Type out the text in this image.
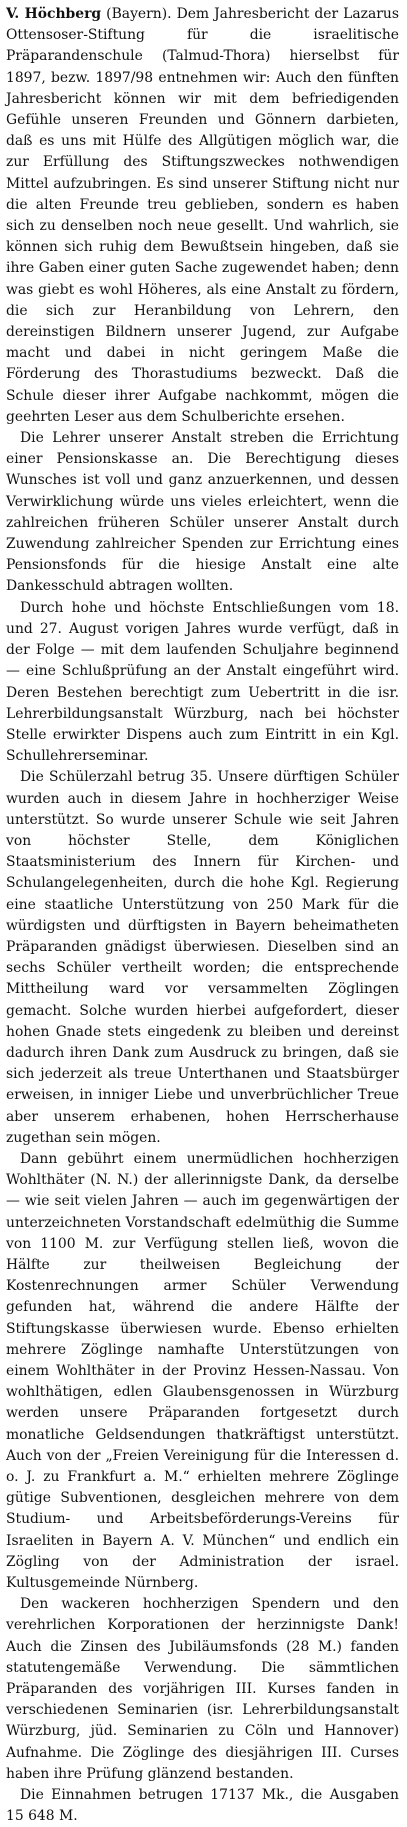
V. Höchberg (Bayern). Dem Jahresbericht der Lazarus Ottensoser-Stiftung für die israelitische Präparandenschule (Talmud-Thora) hierselbst für 1897, bezw. 1897/98 entnehmen wir: Auch den fünften Jahresbericht können wir mit dem befriedigenden Gefühle unseren Freunden und Gönnern darbieten, daß es uns mit Hülfe des Allgütigen möglich war, die zur Erfüllung des Stiftungszweckes nothwendigen Mittel aufzubringen. Es sind unserer Stiftung nicht nur die alten Freunde treu geblieben, sondern es haben sich zu denselben noch neue gesellt. Und wahrlich, sie können sich ruhig dem Bewußtsein hingeben, daß sie ihre Gaben einer guten Sache zugewendet haben; denn was giebt es wohl Höheres, als eine Anstalt zu fördern, die sich zur Heranbildung von Lehrern, den dereinstigen Bildnern unserer Jugend, zur Aufgabe macht und dabei in nicht geringem Maße die Förderung des Thorastudiums bezweckt. Daß die Schule dieser ihrer Aufgabe nachkommt, mögen die geehrten Leser aus dem Schulberichte ersehen.

Die Lehrer unserer Anstalt streben die Errichtung einer Pensionskasse an. Die Berechtigung dieses Wunsches ist voll und ganz anzuerkennen, und dessen Verwirklichung würde uns vieles erleichtert, wenn die zahlreichen früheren Schüler unserer Anstalt durch Zuwendung zahlreicher Spenden zur Errichtung eines Pensionsfonds für die hiesige Anstalt eine alte Dankesschuld abtragen wollten.

Durch hohe und höchste Entschließungen vom 18. und 27. August vorigen Jahres wurde verfügt, daß in der Folge — mit dem laufenden Schuljahre beginnend — eine Schlußprüfung an der Anstalt eingeführt wird. Deren Bestehen berechtigt zum Uebertritt in die isr. Lehrerbildungsanstalt Würzburg, nach bei höchster Stelle erwirkter Dispens auch zum Eintritt in ein Kgl. Schullehrerseminar.

Die Schülerzahl betrug 35. Unsere dürftigen Schüler wurden auch in diesem Jahre in hochherziger Weise unterstützt. So wurde unserer Schule wie seit Jahren von höchster Stelle, dem Königlichen Staatsministerium des Innern für Kirchen- und Schulangelegenheiten, durch die hohe Kgl. Regierung eine staatliche Unterstützung von 250 Mark für die würdigsten und dürftigsten in Bayern beheimatheten Präparanden gnädigst überwiesen. Dieselben sind an sechs Schüler vertheilt worden; die entsprechende Mittheilung ward vor versammelten Zöglingen gemacht. Solche wurden hierbei aufgefordert, dieser hohen Gnade stets eingedenk zu bleiben und dereinst dadurch ihren Dank zum Ausdruck zu bringen, daß sie sich jederzeit als treue Unterthanen und Staatsbürger erweisen, in inniger Liebe und unverbrüchlicher Treue aber unserem erhabenen, hohen Herrscherhause zugethan sein mögen.

Dann gebührt einem unermüdlichen hochherzigen Wohlthäter (N. N.) der allerinnigste Dank, da derselbe — wie seit vielen Jahren — auch im gegenwärtigen der unterzeichneten Vorstandschaft edelmüthig die Summe von 1100 M. zur Verfügung stellen ließ, wovon die Hälfte zur theilweisen Begleichung der Kostenrechnungen armer Schüler Verwendung gefunden hat, während die andere Hälfte der Stiftungskasse überwiesen wurde. Ebenso erhielten mehrere Zöglinge namhafte Unterstützungen von einem Wohlthäter in der Provinz Hessen-Nassau. Von wohlthätigen, edlen Glaubensgenossen in Würzburg werden unsere Präparanden fortgesetzt durch monatliche Geldsendungen thatkräftigst unterstützt. Auch von der „Freien Vereinigung für die Interessen d. o. J. zu Frankfurt a. M.“ erhielten mehrere Zöglinge gütige Subventionen, desgleichen mehrere von dem Studium- und Arbeitsbeförderungs-Vereins für Israeliten in Bayern A. V. München“ und endlich ein Zögling von der Administration der israel. Kultusgemeinde Nürnberg.

Den wackeren hochherzigen Spendern und den verehrlichen Korporationen der herzinnigste Dank! Auch die Zinsen des Jubiläumsfonds (28 M.) fanden statutengemäße Verwendung. Die sämmtlichen Präparanden des vorjährigen III. Kurses fanden in verschiedenen Seminarien (isr. Lehrerbildungsanstalt Würzburg, jüd. Seminarien zu Cöln und Hannover) Aufnahme. Die Zöglinge des diesjährigen III. Curses haben ihre Prüfung glänzend bestanden.

Die Einnahmen betrugen 17137 Mk., die Ausgaben 15 648 M.
